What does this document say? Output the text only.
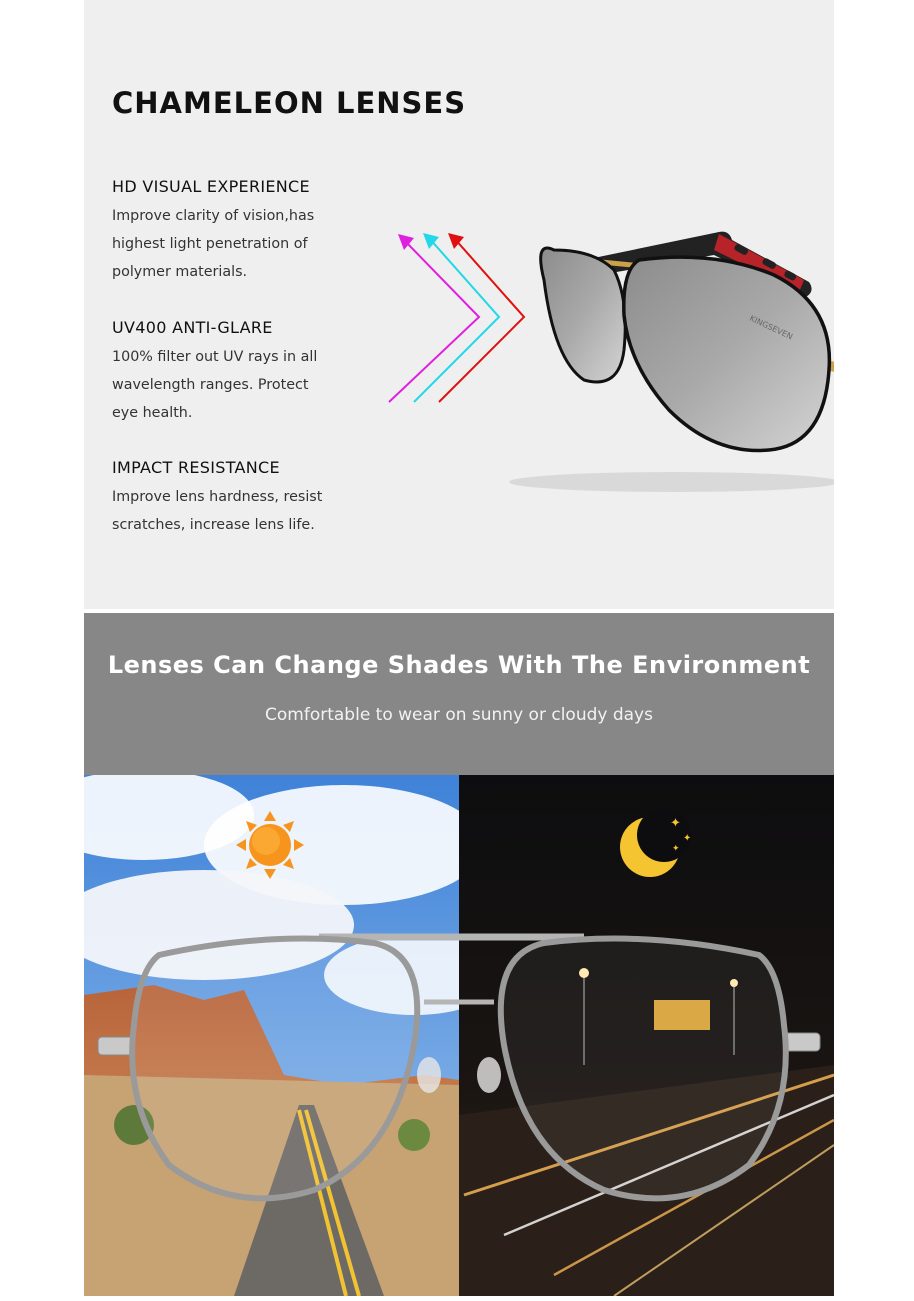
CHAMELEON LENSES
HD VISUAL EXPERIENCE

Improve clarity of vision,has
highest light penetration of
polymer materials.

UV400 ANTI-GLARE

100% filter out UV rays in all
wavelength ranges. Protect
eye health.

IMPACT RESISTANCE

Improve lens hardness, resist
scratches, increase lens life.

KINGSEVEN
Lenses Can Change Shades With The Environment
Comfortable to wear on sunny or cloudy days
✦
✦
✦
